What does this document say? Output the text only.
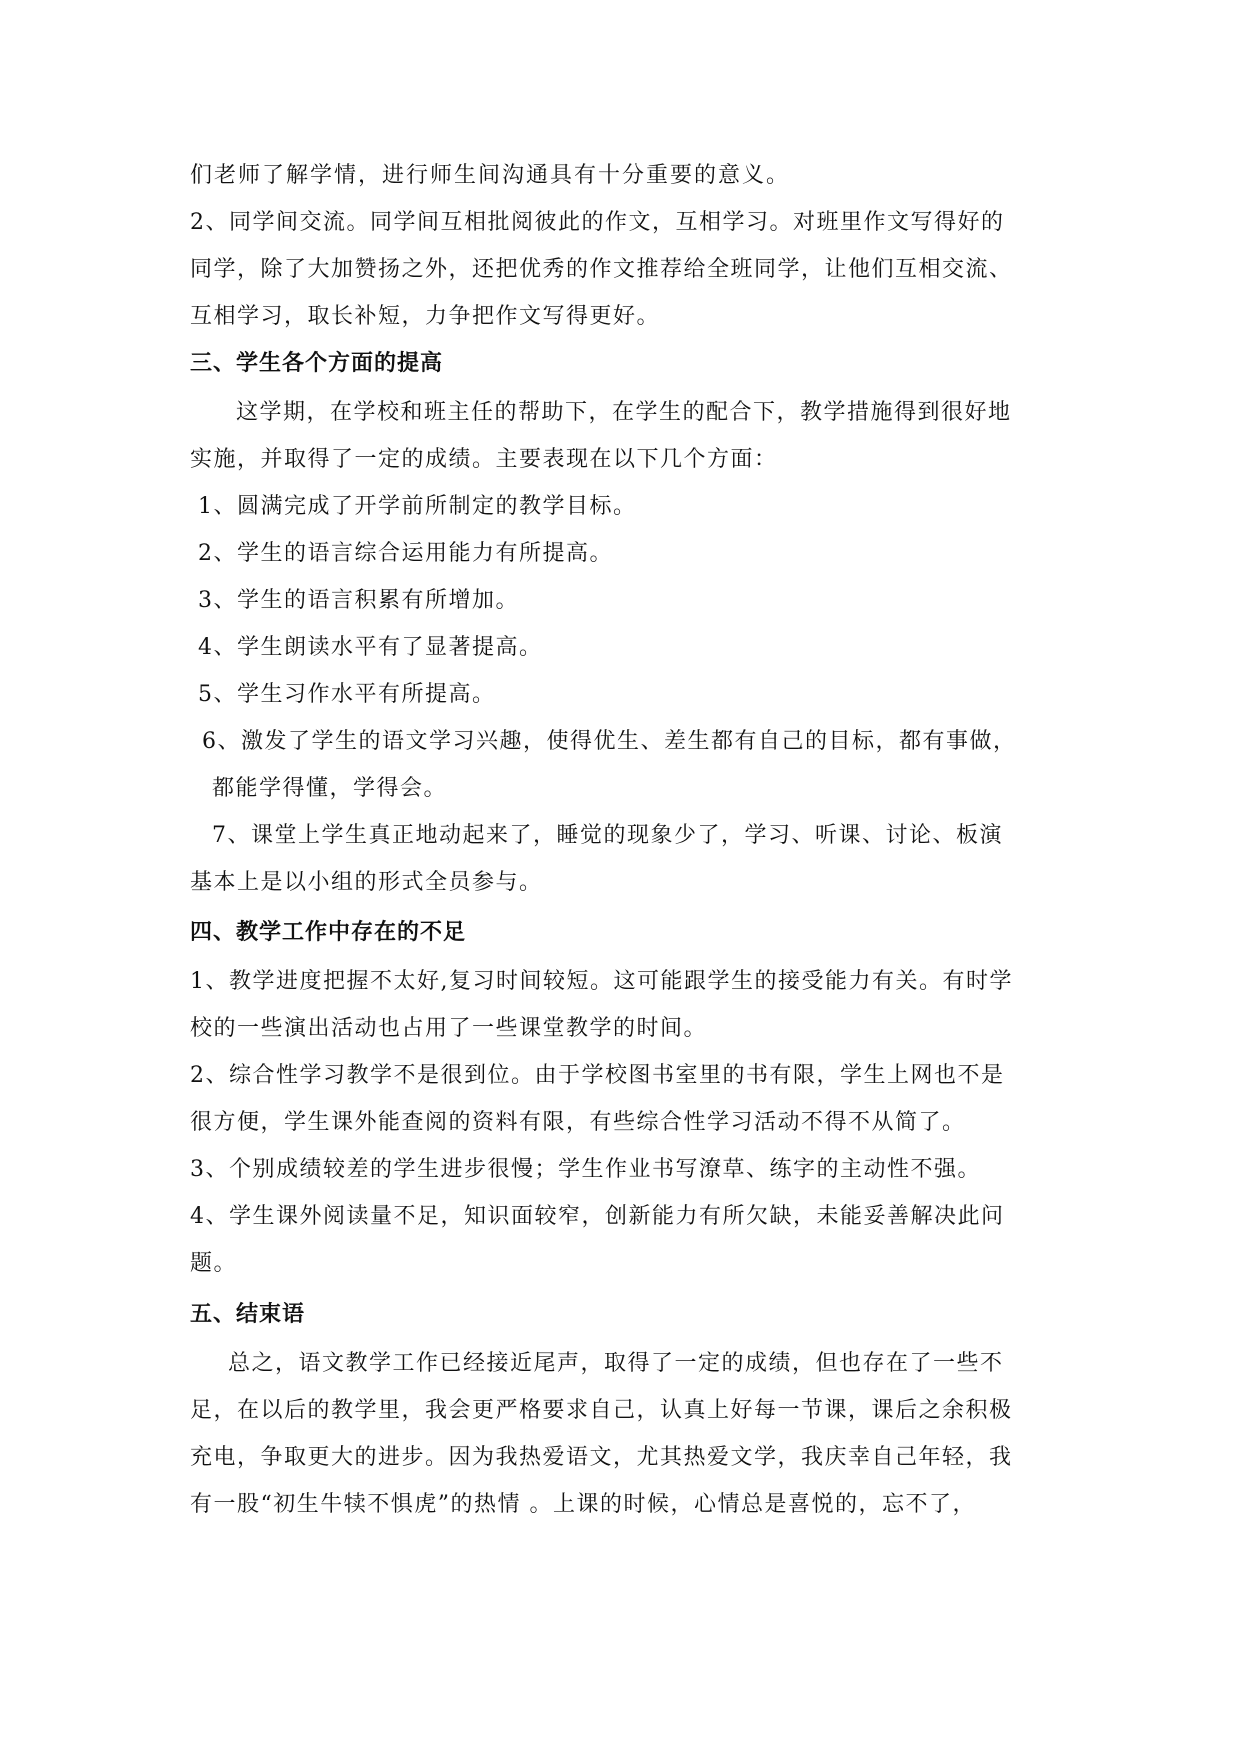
们老师了解学情，进行师生间沟通具有十分重要的意义。
2、同学间交流。同学间互相批阅彼此的作文，互相学习。对班里作文写得好的
同学，除了大加赞扬之外，还把优秀的作文推荐给全班同学，让他们互相交流、
互相学习，取长补短，力争把作文写得更好。
三、学生各个方面的提高
这学期，在学校和班主任的帮助下，在学生的配合下，教学措施得到很好地
实施，并取得了一定的成绩。主要表现在以下几个方面：
1、圆满完成了开学前所制定的教学目标。
2、学生的语言综合运用能力有所提高。
3、学生的语言积累有所增加。
4、学生朗读水平有了显著提高。
5、学生习作水平有所提高。
6、激发了学生的语文学习兴趣，使得优生、差生都有自己的目标，都有事做，
都能学得懂，学得会。
7、课堂上学生真正地动起来了，睡觉的现象少了，学习、听课、讨论、板演
基本上是以小组的形式全员参与。
四、教学工作中存在的不足
1、教学进度把握不太好,复习时间较短。这可能跟学生的接受能力有关。有时学
校的一些演出活动也占用了一些课堂教学的时间。
2、综合性学习教学不是很到位。由于学校图书室里的书有限，学生上网也不是
很方便，学生课外能查阅的资料有限，有些综合性学习活动不得不从简了。
3、个别成绩较差的学生进步很慢；学生作业书写潦草、练字的主动性不强。
4、学生课外阅读量不足，知识面较窄，创新能力有所欠缺，未能妥善解决此问
题。
五、结束语
总之，语文教学工作已经接近尾声，取得了一定的成绩，但也存在了一些不
足，在以后的教学里，我会更严格要求自己，认真上好每一节课，课后之余积极
充电，争取更大的进步。因为我热爱语文，尤其热爱文学，我庆幸自己年轻，我
有一股“初生牛犊不惧虎”的热情 。上课的时候，心情总是喜悦的，忘不了，
